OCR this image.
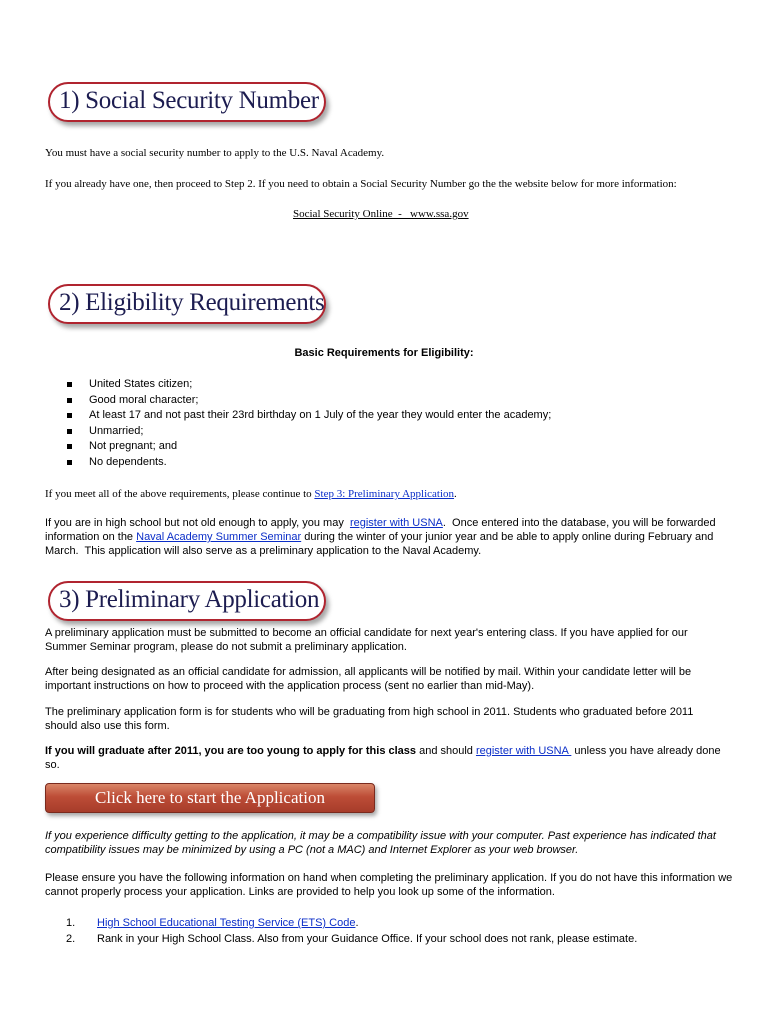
1) Social Security Number
You must have a social security number to apply to the U.S. Naval Academy.
If you already have one, then proceed to Step 2. If you need to obtain a Social Security Number go the the website below for more information:
Social Security Online  -   www.ssa.gov
2) Eligibility Requirements
Basic Requirements for Eligibility:
United States citizen;
Good moral character;
At least 17 and not past their 23rd birthday on 1 July of the year they would enter the academy;
Unmarried;
Not pregnant; and
No dependents.
If you meet all of the above requirements, please continue to Step 3: Preliminary Application.
If you are in high school but not old enough to apply, you may  register with USNA.  Once entered into the database, you will be forwarded information on the Naval Academy Summer Seminar during the winter of your junior year and be able to apply online during February and March.  This application will also serve as a preliminary application to the Naval Academy.
3) Preliminary Application
A preliminary application must be submitted to become an official candidate for next year's entering class. If you have applied for our Summer Seminar program, please do not submit a preliminary application.
After being designated as an official candidate for admission, all applicants will be notified by mail. Within your candidate letter will be important instructions on how to proceed with the application process (sent no earlier than mid-May).
The preliminary application form is for students who will be graduating from high school in 2011. Students who graduated before 2011 should also use this form.
If you will graduate after 2011, you are too young to apply for this class and should register with USNA  unless you have already done so.
Click here to start the Application
If you experience difficulty getting to the application, it may be a compatibility issue with your computer. Past experience has indicated that compatibility issues may be minimized by using a PC (not a MAC) and Internet Explorer as your web browser.
Please ensure you have the following information on hand when completing the preliminary application. If you do not have this information we cannot properly process your application. Links are provided to help you look up some of the information.
1. High School Educational Testing Service (ETS) Code.
2. Rank in your High School Class. Also from your Guidance Office. If your school does not rank, please estimate.
